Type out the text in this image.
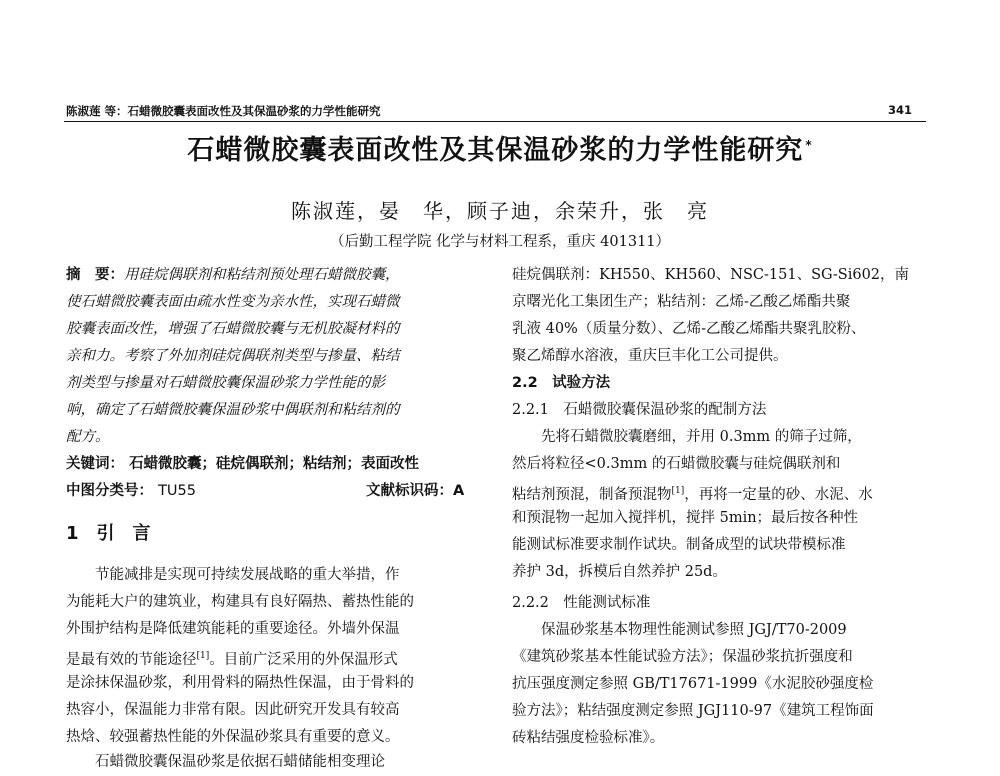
陈淑莲 等：石蜡微胶囊表面改性及其保温砂浆的力学性能研究	341
石蜡微胶囊表面改性及其保温砂浆的力学性能研究 *
陈淑莲，晏　华，顾子迪，余荣升，张　亮
（后勤工程学院 化学与材料工程系，重庆 401311）
摘　要：用硅烷偶联剂和粘结剂预处理石蜡微胶囊，
使石蜡微胶囊表面由疏水性变为亲水性，实现石蜡微
胶囊表面改性，增强了石蜡微胶囊与无机胶凝材料的
亲和力。考察了外加剂硅烷偶联剂类型与掺量、粘结
剂类型与掺量对石蜡微胶囊保温砂浆力学性能的影
响，确定了石蜡微胶囊保温砂浆中偶联剂和粘结剂的
配方。
关键词： 石蜡微胶囊；硅烷偶联剂；粘结剂；表面改性
中图分类号： TU55	文献标识码：A
1　引　言
　　节能减排是实现可持续发展战略的重大举措，作
为能耗大户的建筑业，构建具有良好隔热、蓄热性能的
外围护结构是降低建筑能耗的重要途径。外墙外保温
是最有效的节能途径[1]。目前广泛采用的外保温形式
是涂抹保温砂浆，利用骨料的隔热性保温，由于骨料的
热容小，保温能力非常有限。因此研究开发具有较高
热焓、较强蓄热性能的外保温砂浆具有重要的意义。
　　石蜡微胶囊保温砂浆是依据石蜡储能相变理论
硅烷偶联剂：KH550、KH560、NSC-151、SG-Si602，南
京曙光化工集团生产；粘结剂：乙烯-乙酸乙烯酯共聚
乳液 40%（质量分数）、乙烯-乙酸乙烯酯共聚乳胶粉、
聚乙烯醇水溶液，重庆巨丰化工公司提供。
2.2　试验方法
2.2.1　石蜡微胶囊保温砂浆的配制方法
　　先将石蜡微胶囊磨细，并用 0.3mm 的筛子过筛，
然后将粒径<0.3mm 的石蜡微胶囊与硅烷偶联剂和
粘结剂预混，制备预混物[1]，再将一定量的砂、水泥、水
和预混物一起加入搅拌机，搅拌 5min；最后按各种性
能测试标准要求制作试块。制备成型的试块带模标准
养护 3d，拆模后自然养护 25d。
2.2.2　性能测试标准
　　保温砂浆基本物理性能测试参照 JGJ/T70-2009
《建筑砂浆基本性能试验方法》；保温砂浆抗折强度和
抗压强度测定参照 GB/T17671-1999《水泥胶砂强度检
验方法》；粘结强度测定参照 JGJ110-97《建筑工程饰面
砖粘结强度检验标准》。
